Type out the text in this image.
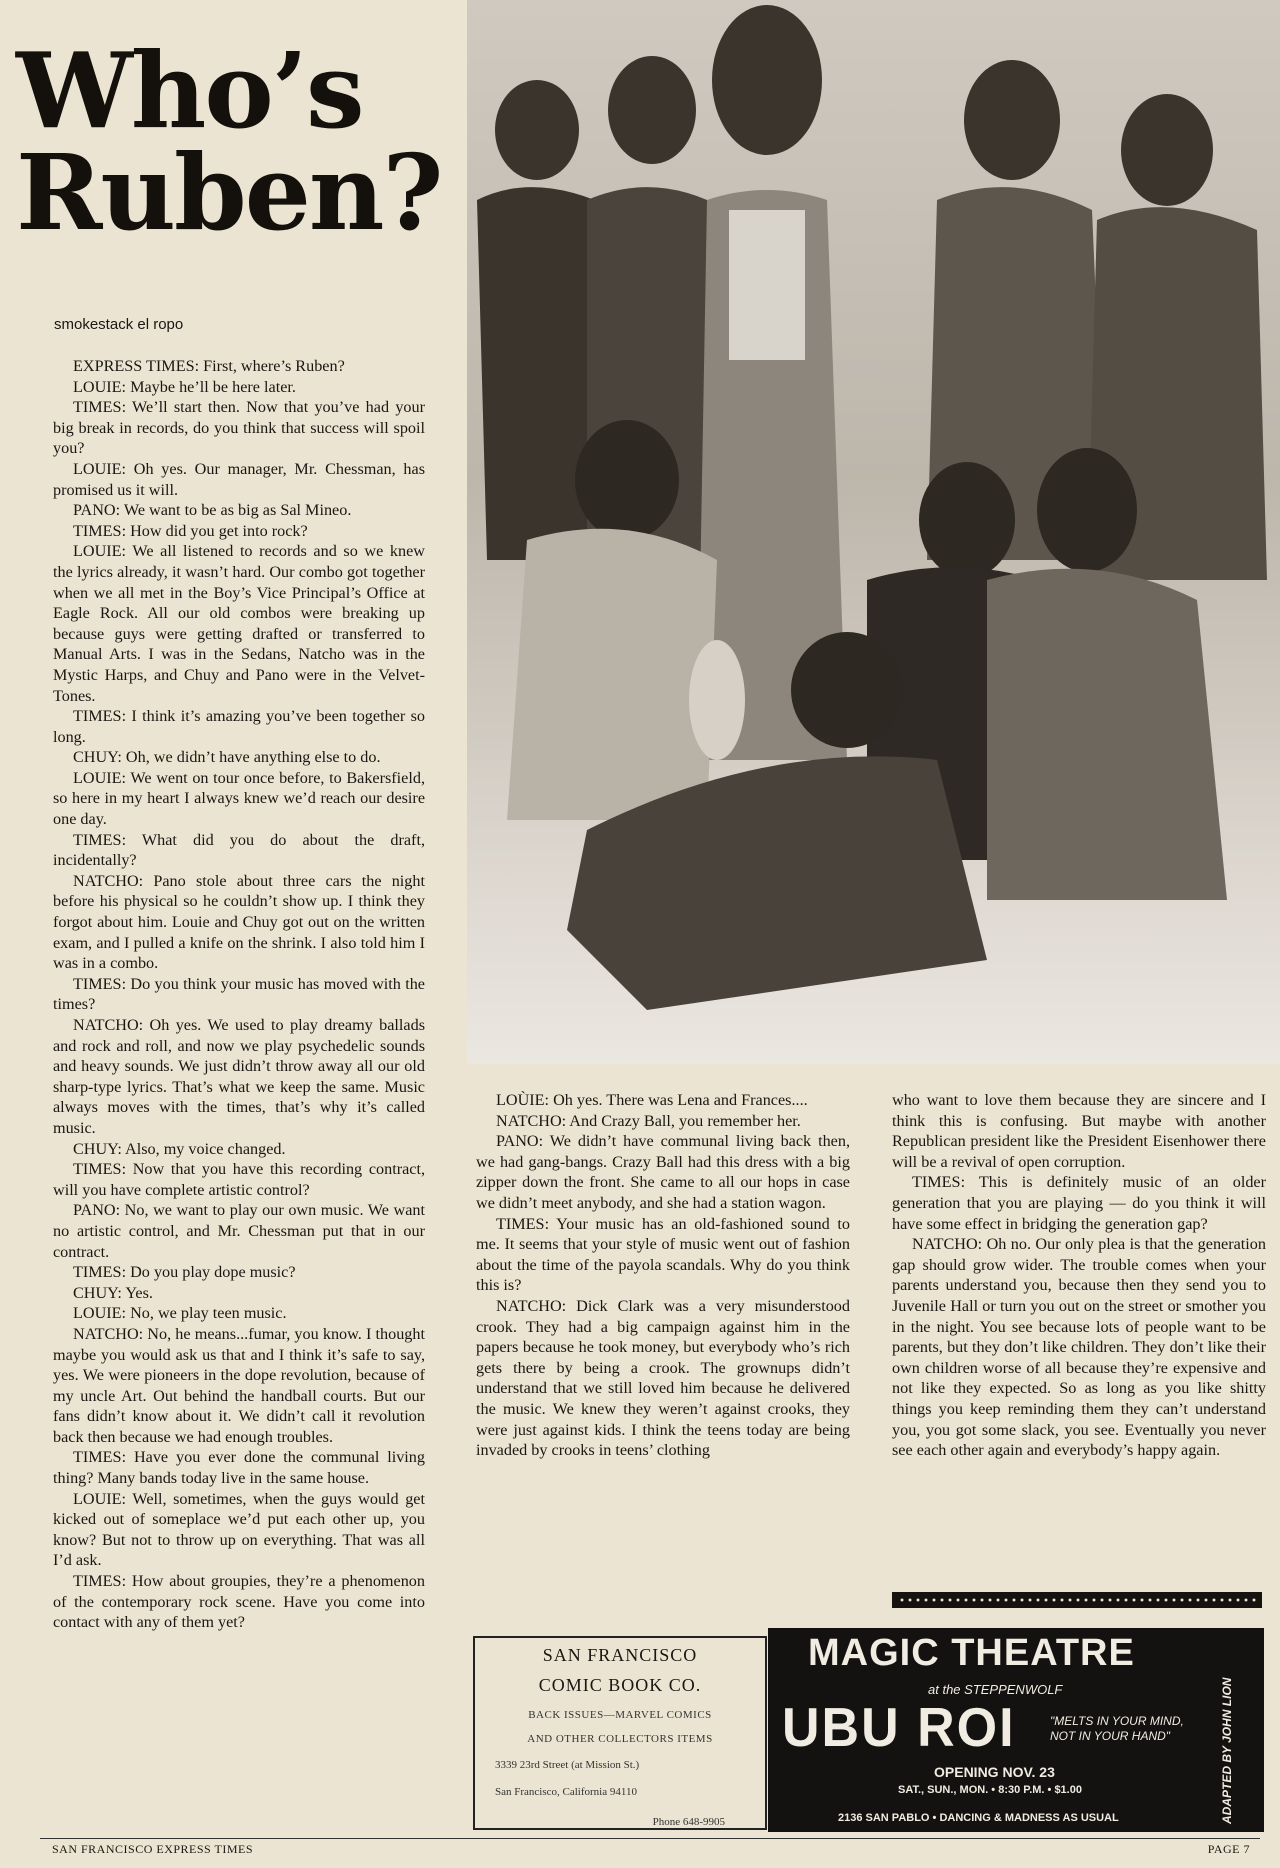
Who’s
Ruben?
smokestack el ropo

EXPRESS TIMES: First, where’s Ruben?

LOUIE: Maybe he’ll be here later.

TIMES: We’ll start then. Now that you’ve had your big break in records, do you think that success will spoil you?

LOUIE: Oh yes. Our manager, Mr. Chessman, has promised us it will.

PANO: We want to be as big as Sal Mineo.

TIMES: How did you get into rock?

LOUIE: We all listened to records and so we knew the lyrics already, it wasn’t hard. Our combo got together when we all met in the Boy’s Vice Principal’s Office at Eagle Rock. All our old combos were breaking up because guys were getting drafted or transferred to Manual Arts. I was in the Sedans, Natcho was in the Mystic Harps, and Chuy and Pano were in the Velvet-Tones.

TIMES: I think it’s amazing you’ve been together so long.

CHUY: Oh, we didn’t have anything else to do.

LOUIE: We went on tour once before, to Bakersfield, so here in my heart I always knew we’d reach our desire one day.

TIMES: What did you do about the draft, incidentally?

NATCHO: Pano stole about three cars the night before his physical so he couldn’t show up. I think they forgot about him. Louie and Chuy got out on the written exam, and I pulled a knife on the shrink. I also told him I was in a combo.

TIMES: Do you think your music has moved with the times?

NATCHO: Oh yes. We used to play dreamy ballads and rock and roll, and now we play psychedelic sounds and heavy sounds. We just didn’t throw away all our old sharp-type lyrics. That’s what we keep the same. Music always moves with the times, that’s why it’s called music.

CHUY: Also, my voice changed.

TIMES: Now that you have this recording contract, will you have complete artistic control?

PANO: No, we want to play our own music. We want no artistic control, and Mr. Chessman put that in our contract.

TIMES: Do you play dope music?

CHUY: Yes.

LOUIE: No, we play teen music.

NATCHO: No, he means...fumar, you know. I thought maybe you would ask us that and I think it’s safe to say, yes. We were pioneers in the dope revolution, because of my uncle Art. Out behind the handball courts. But our fans didn’t know about it. We didn’t call it revolution back then because we had enough troubles.

TIMES: Have you ever done the communal living thing? Many bands today live in the same house.

LOUIE: Well, sometimes, when the guys would get kicked out of someplace we’d put each other up, you know? But not to throw up on everything. That was all I’d ask.

TIMES: How about groupies, they’re a phenomenon of the contemporary rock scene. Have you come into contact with any of them yet?

LOÙIE: Oh yes. There was Lena and Frances....

NATCHO: And Crazy Ball, you remember her.

PANO: We didn’t have communal living back then, we had gang-bangs. Crazy Ball had this dress with a big zipper down the front. She came to all our hops in case we didn’t meet anybody, and she had a station wagon.

TIMES: Your music has an old-fashioned sound to me. It seems that your style of music went out of fashion about the time of the payola scandals. Why do you think this is?

NATCHO: Dick Clark was a very misunderstood crook. They had a big campaign against him in the papers because he took money, but everybody who’s rich gets there by being a crook. The grownups didn’t understand that we still loved him because he delivered the music. We knew they weren’t against crooks, they were just against kids. I think the teens today are being invaded by crooks in teens’ clothing

who want to love them because they are sincere and I think this is confusing. But maybe with another Republican president like the President Eisenhower there will be a revival of open corruption.

TIMES: This is definitely music of an older generation that you are playing — do you think it will have some effect in bridging the generation gap?

NATCHO: Oh no. Our only plea is that the generation gap should grow wider. The trouble comes when your parents understand you, because then they send you to Juvenile Hall or turn you out on the street or smother you in the night. You see because lots of people want to be parents, but they don’t like children. They don’t like their own children worse of all because they’re expensive and not like they expected. So as long as you like shitty things you keep reminding them they can’t understand you, you got some slack, you see. Eventually you never see each other again and everybody’s happy again.

SAN FRANCISCO
COMIC BOOK CO.
BACK ISSUES—MARVEL COMICS
AND OTHER COLLECTORS ITEMS
3339 23rd Street (at Mission St.)
San Francisco, California 94110
Phone 648-9905
MAGIC THEATRE
at the STEPPENWOLF
UBU ROI	"MELTS IN YOUR MIND, NOT IN YOUR HAND"
OPENING NOV. 23
SAT., SUN., MON. • 8:30 P.M. • $1.00
2136 SAN PABLO • DANCING & MADNESS AS USUAL	ADAPTED BY JOHN LION
SAN FRANCISCO EXPRESS TIMES	PAGE 7
